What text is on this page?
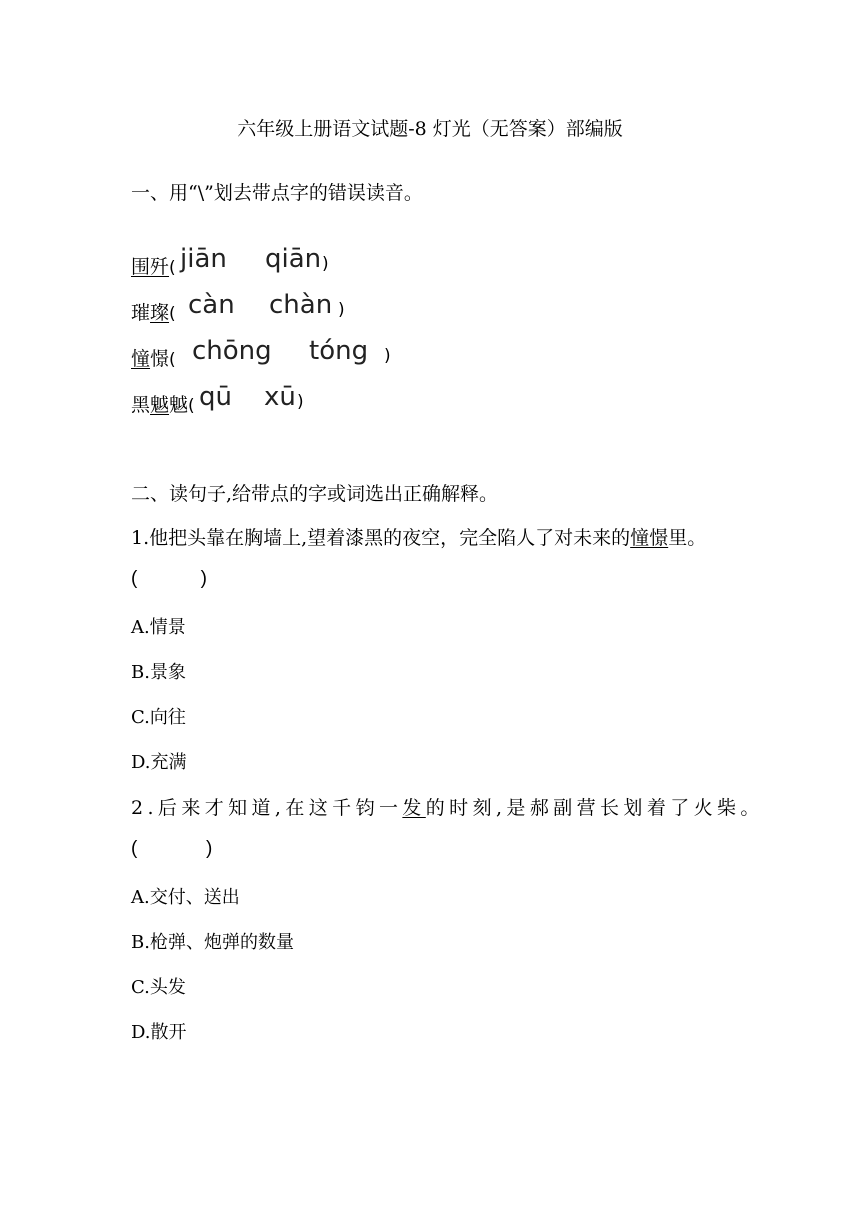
六年级上册语文试题-8 灯光（无答案）部编版
一、用“\”划去带点字的错误读音。
围歼( jiān qiān )
璀璨( càn chàn )
憧憬( chōng tóng )
黑魆魆( qū xū )
二、读句子,给带点的字或词选出正确解释。
1.他把头靠在胸墙上,望着漆黑的夜空，完全陷人了对未来的憧憬里。
(            )
A.情景
B.景象
C.向往
D.充满
2.后来才知道,在这千钧一发的时刻,是郝副营长划着了火柴。
(             )
A.交付、送出
B.枪弹、炮弹的数量
C.头发
D.散开
